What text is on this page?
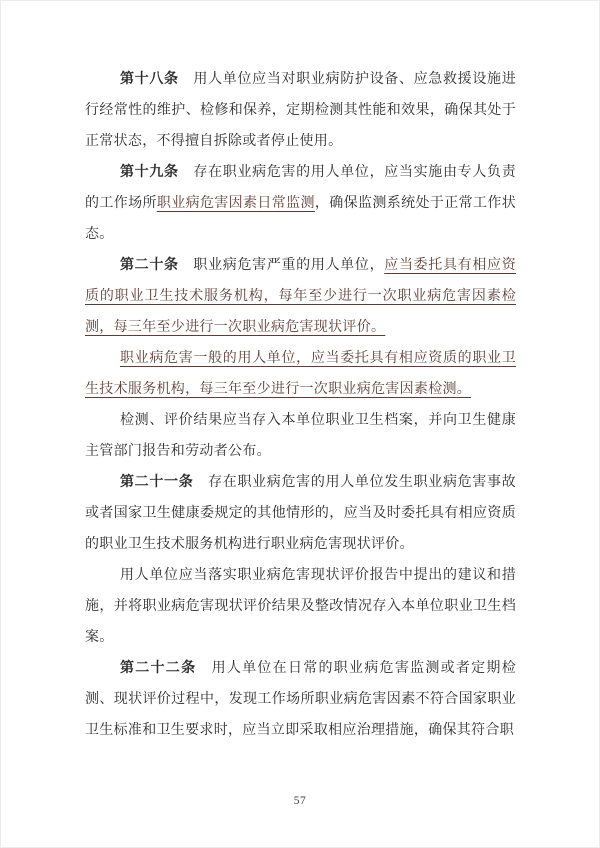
第十八条　用人单位应当对职业病防护设备、应急救援设施进行经常性的维护、检修和保养，定期检测其性能和效果，确保其处于正常状态，不得擅自拆除或者停止使用。

第十九条　存在职业病危害的用人单位，应当实施由专人负责的工作场所职业病危害因素日常监测，确保监测系统处于正常工作状态。

第二十条　职业病危害严重的用人单位，应当委托具有相应资质的职业卫生技术服务机构，每年至少进行一次职业病危害因素检测，每三年至少进行一次职业病危害现状评价。

职业病危害一般的用人单位，应当委托具有相应资质的职业卫生技术服务机构，每三年至少进行一次职业病危害因素检测。

检测、评价结果应当存入本单位职业卫生档案，并向卫生健康主管部门报告和劳动者公布。

第二十一条　存在职业病危害的用人单位发生职业病危害事故或者国家卫生健康委规定的其他情形的，应当及时委托具有相应资质的职业卫生技术服务机构进行职业病危害现状评价。

用人单位应当落实职业病危害现状评价报告中提出的建议和措施，并将职业病危害现状评价结果及整改情况存入本单位职业卫生档案。

第二十二条　用人单位在日常的职业病危害监测或者定期检测、现状评价过程中，发现工作场所职业病危害因素不符合国家职业卫生标准和卫生要求时，应当立即采取相应治理措施，确保其符合职

57
